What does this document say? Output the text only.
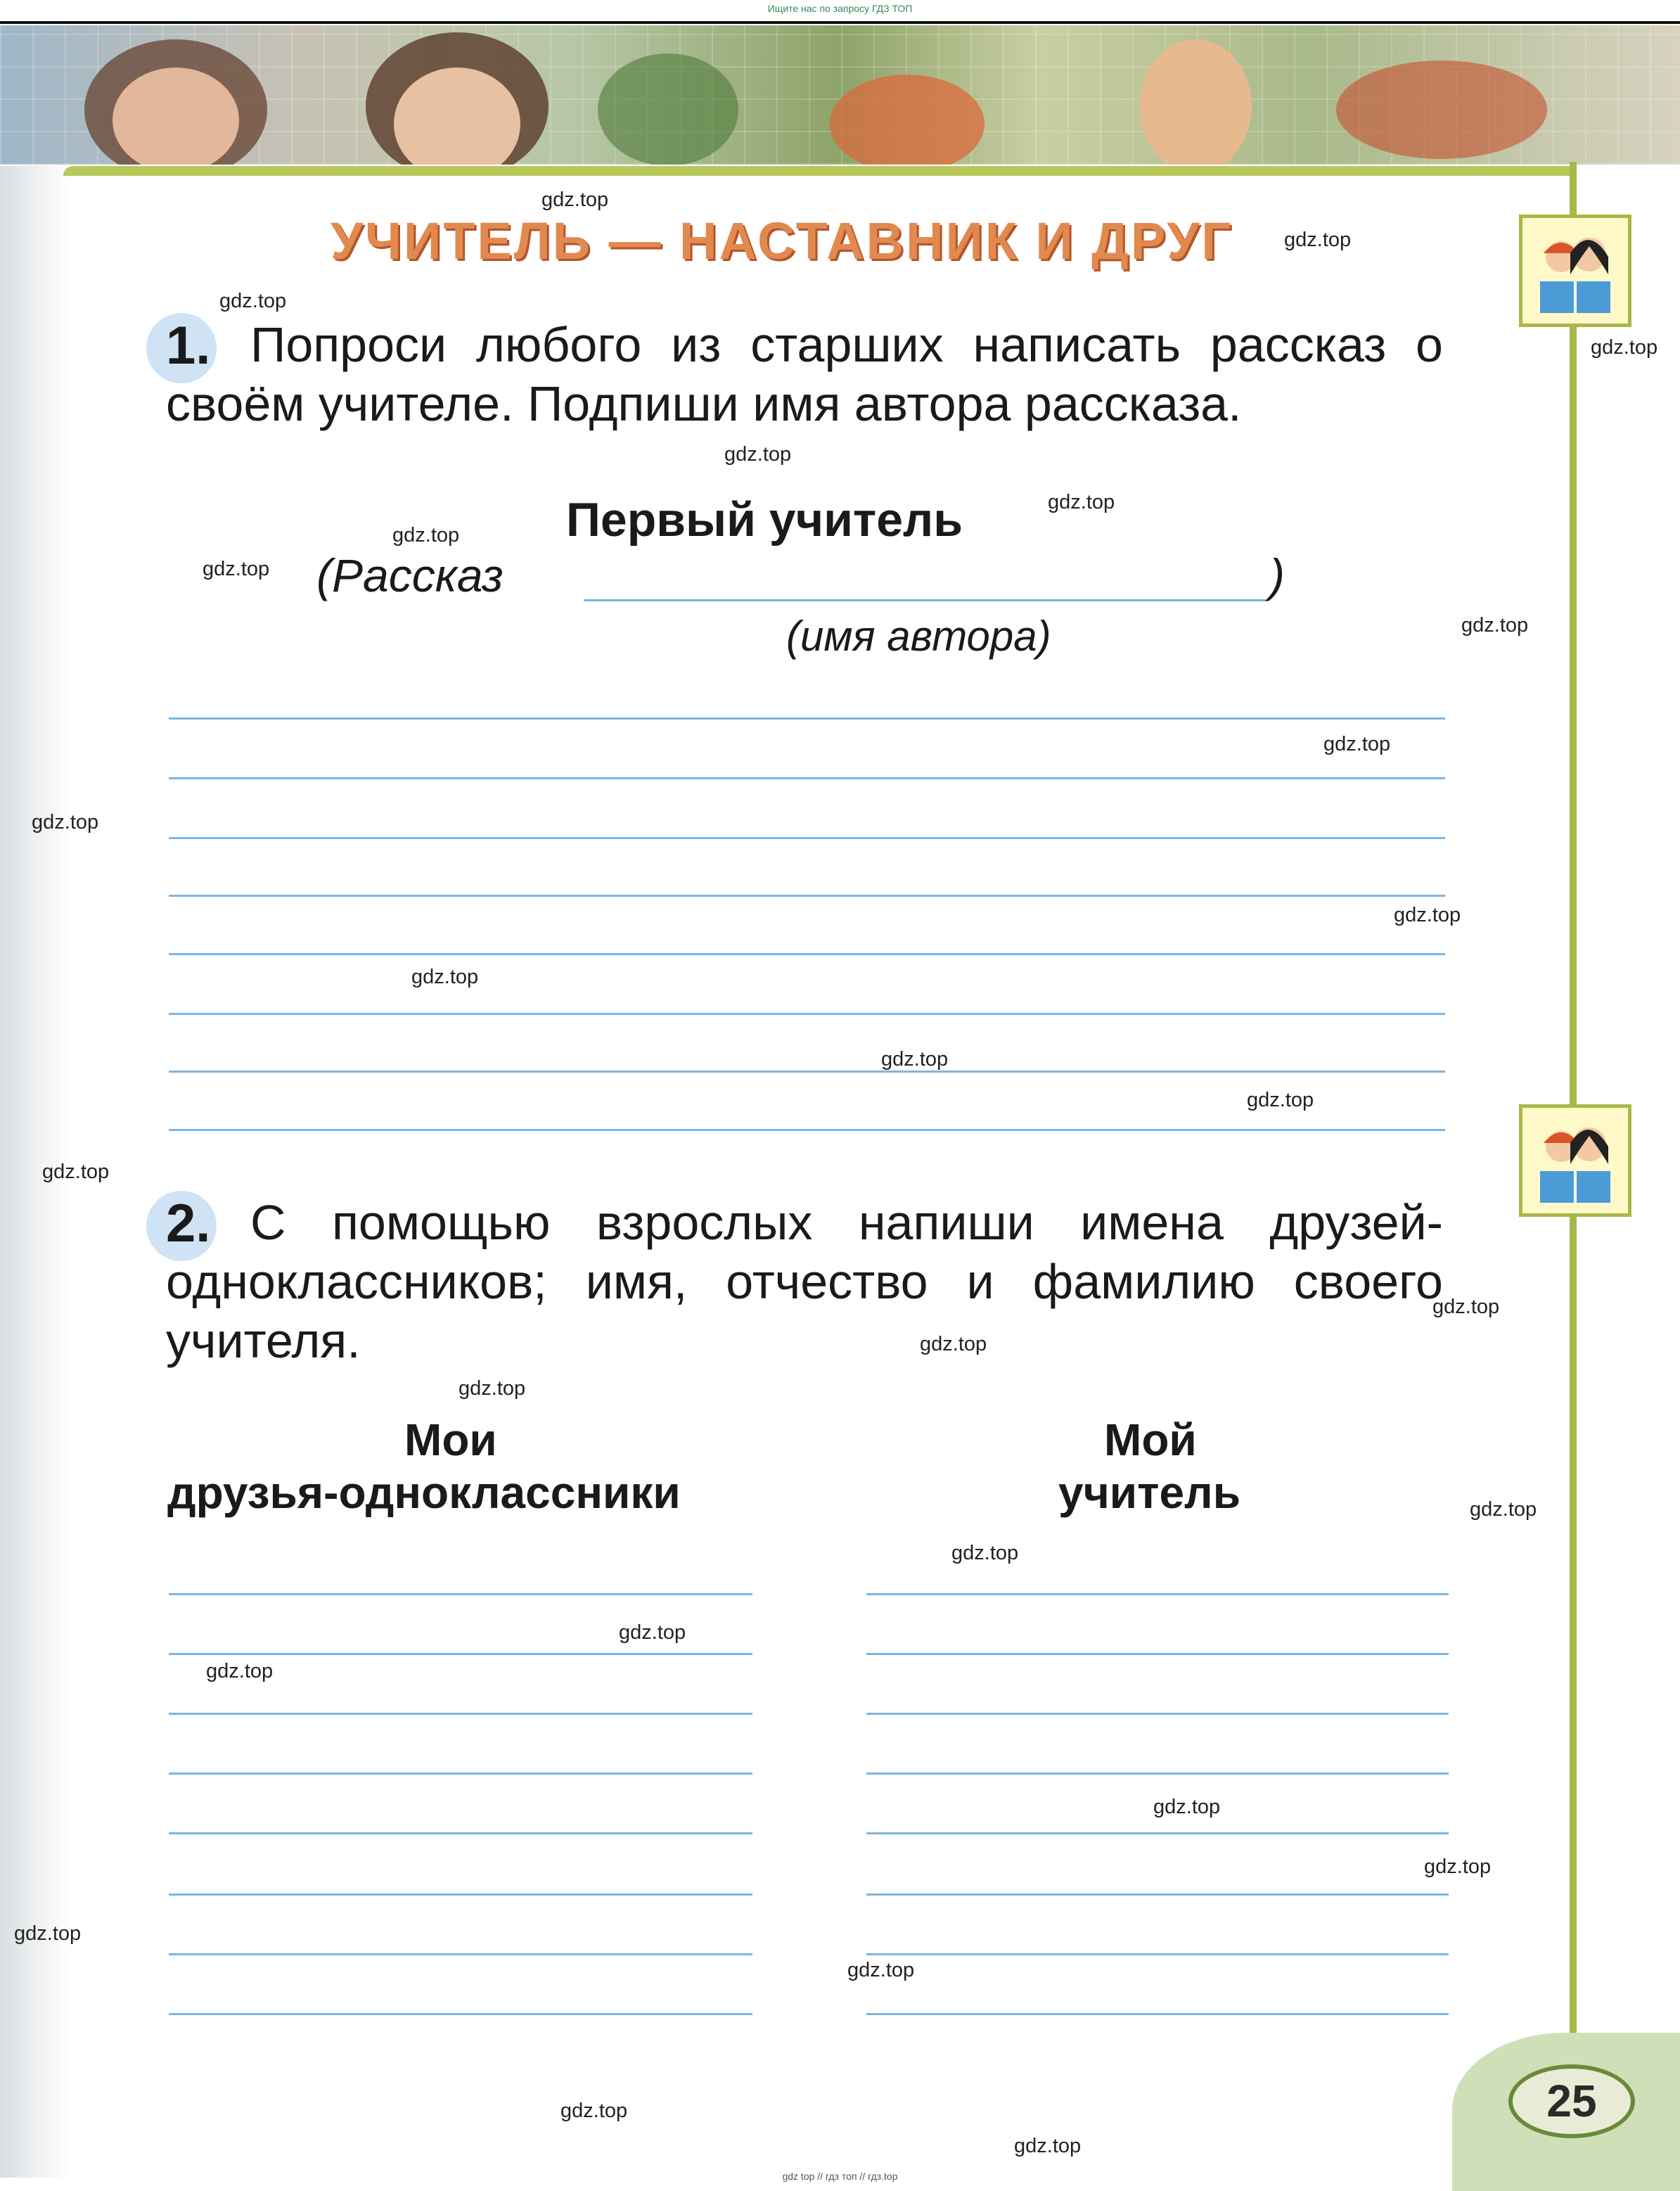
Ищите нас по запросу ГДЗ ТОП
УЧИТЕЛЬ — НАСТАВНИК И ДРУГ
1. Попроси любого из старших написать рассказ о своём учителе. Подпиши имя автора рассказа.
Первый учитель
(Рассказ	)
(имя автора)
2. С помощью взрослых напиши имена друзей-одноклассников; имя, отчество и фамилию своего учителя.
Мои
друзья-одноклассники
Мой
учитель
25
gdz.top
gdz.top
gdz.top
gdz.top
gdz.top
gdz.top
gdz.top
gdz.top
gdz.top
gdz.top
gdz.top
gdz.top
gdz.top
gdz.top
gdz.top
gdz.top
gdz.top
gdz.top
gdz.top
gdz.top
gdz.top
gdz.top
gdz.top
gdz.top
gdz.top
gdz.top
gdz.top
gdz.top
gdz.top
gdz top // гдз топ // гдз.top
